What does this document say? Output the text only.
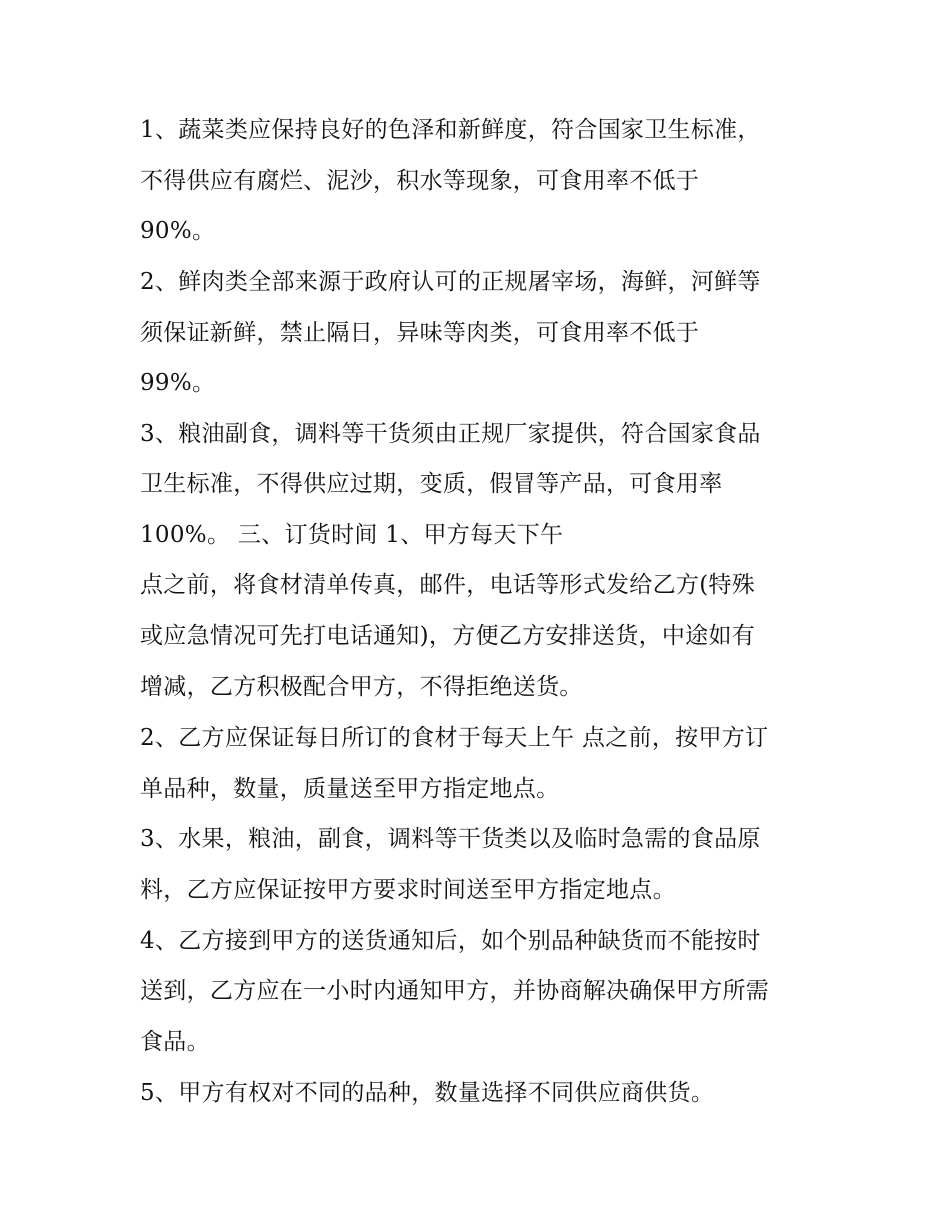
1、蔬菜类应保持良好的色泽和新鲜度，符合国家卫生标准，
不得供应有腐烂、泥沙，积水等现象，可食用率不低于
90%。
2、鲜肉类全部来源于政府认可的正规屠宰场，海鲜，河鲜等
须保证新鲜，禁止隔日，异味等肉类，可食用率不低于
99%。
3、粮油副食，调料等干货须由正规厂家提供，符合国家食品
卫生标准，不得供应过期，变质，假冒等产品，可食用率
100%。 三、订货时间 1、甲方每天下午
点之前，将食材清单传真，邮件，电话等形式发给乙方(特殊
或应急情况可先打电话通知)，方便乙方安排送货，中途如有
增减，乙方积极配合甲方，不得拒绝送货。
2、乙方应保证每日所订的食材于每天上午 点之前，按甲方订
单品种，数量，质量送至甲方指定地点。
3、水果，粮油，副食，调料等干货类以及临时急需的食品原
料，乙方应保证按甲方要求时间送至甲方指定地点。
4、乙方接到甲方的送货通知后，如个别品种缺货而不能按时
送到，乙方应在一小时内通知甲方，并协商解决确保甲方所需
食品。
5、甲方有权对不同的品种，数量选择不同供应商供货。
